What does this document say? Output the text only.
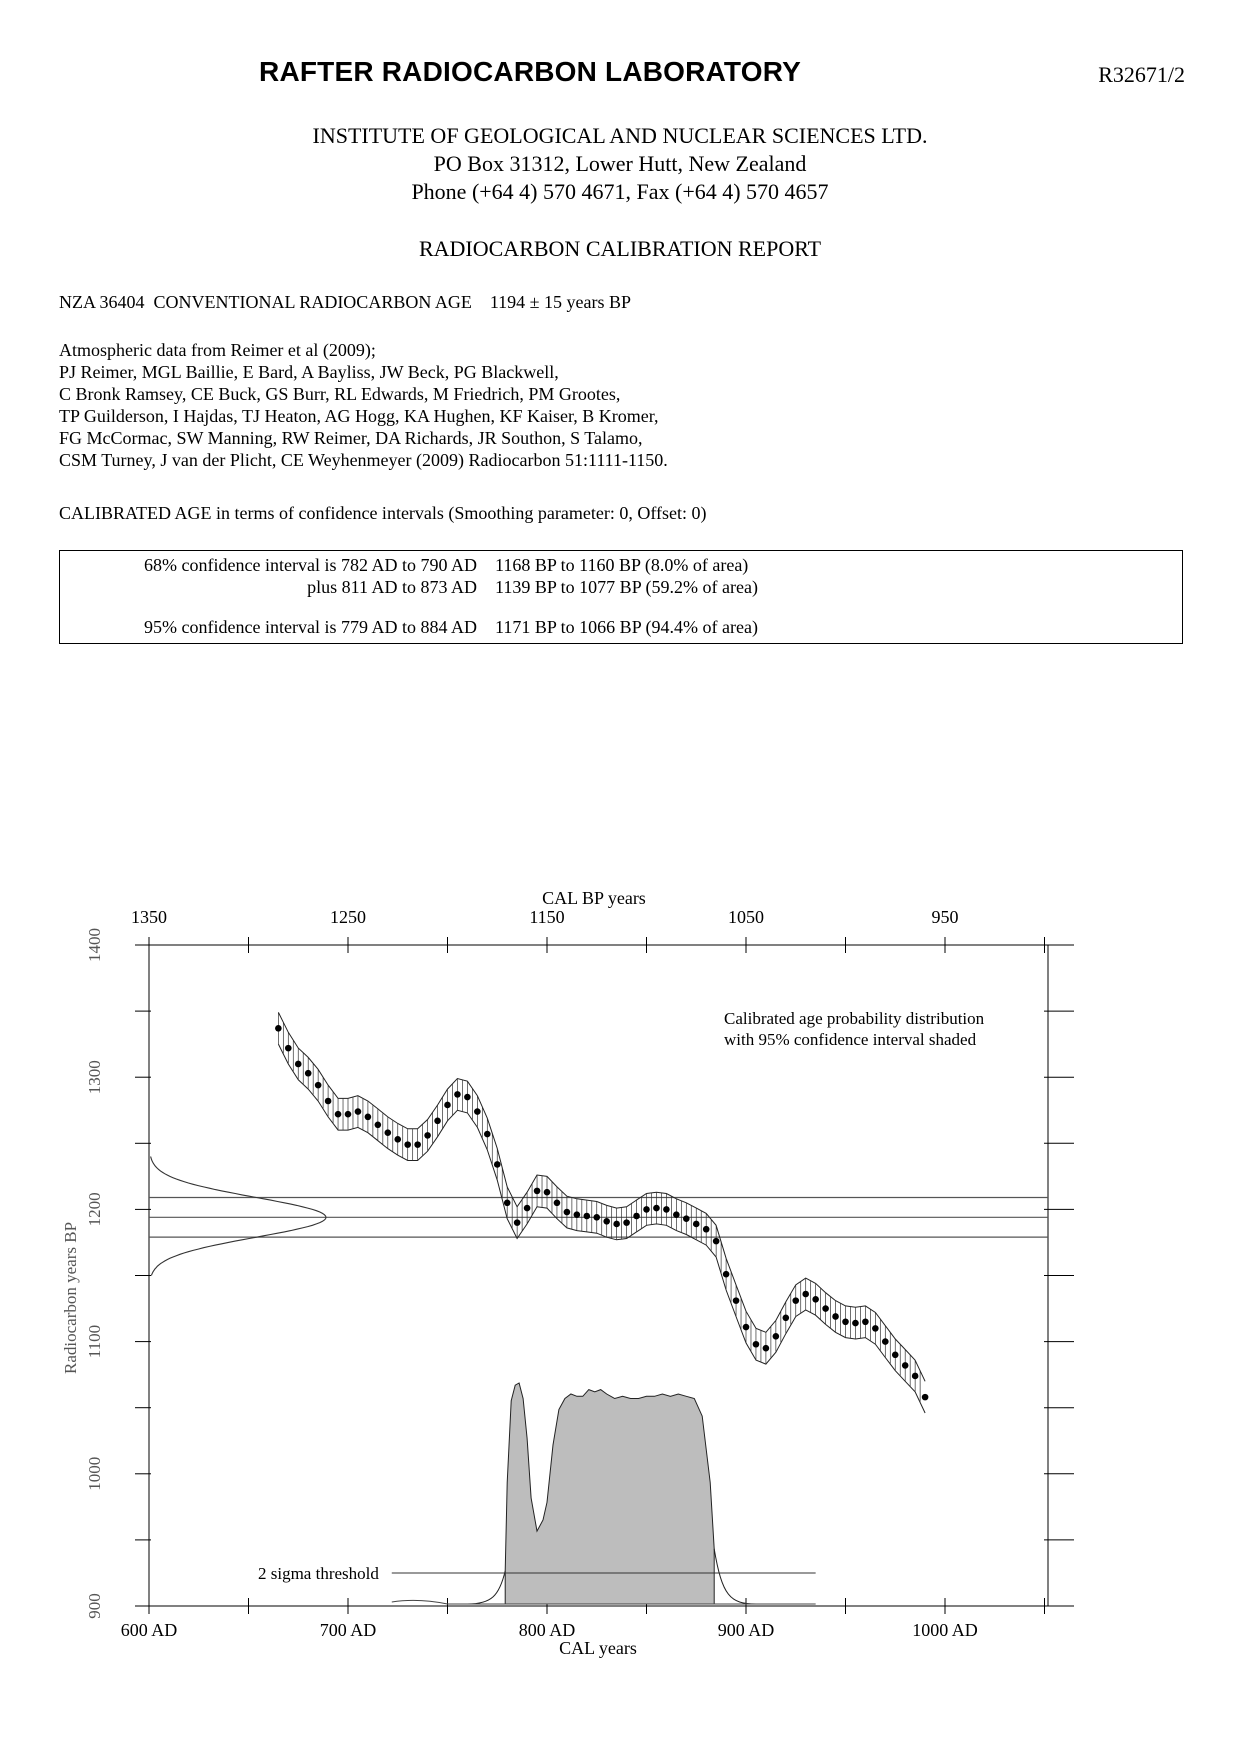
RAFTER RADIOCARBON LABORATORY	R32671/2
INSTITUTE OF GEOLOGICAL AND NUCLEAR SCIENCES LTD.
PO Box 31312, Lower Hutt, New Zealand
Phone (+64 4) 570 4671, Fax (+64 4) 570 4657
RADIOCARBON CALIBRATION REPORT
NZA 36404  CONVENTIONAL RADIOCARBON AGE    1194 ± 15 years BP
Atmospheric data from Reimer et al (2009);
PJ Reimer, MGL Baillie, E Bard, A Bayliss, JW Beck, PG Blackwell,
C Bronk Ramsey, CE Buck, GS Burr, RL Edwards, M Friedrich, PM Grootes,
TP Guilderson, I Hajdas, TJ Heaton, AG Hogg, KA Hughen, KF Kaiser, B Kromer,
FG McCormac, SW Manning, RW Reimer, DA Richards, JR Southon, S Talamo,
CSM Turney, J van der Plicht, CE Weyhenmeyer (2009) Radiocarbon 51:1111-1150.
CALIBRATED AGE in terms of confidence intervals (Smoothing parameter: 0, Offset: 0)
68% confidence interval is 782 AD to 790 AD 1168 BP to 1160 BP (8.0% of area)
plus 811 AD to 873 AD 1139 BP to 1077 BP (59.2% of area)
95% confidence interval is 779 AD to 884 AD 1171 BP to 1066 BP (94.4% of area)
600 AD	700 AD	800 AD	900 AD	1000 AD
1350	1250	1150	1050	950
CAL BP years
CAL years
1400
1300
1200
1100
1000
900
Radiocarbon years BP
2 sigma threshold
Calibrated age probability distribution
with 95% confidence interval shaded
